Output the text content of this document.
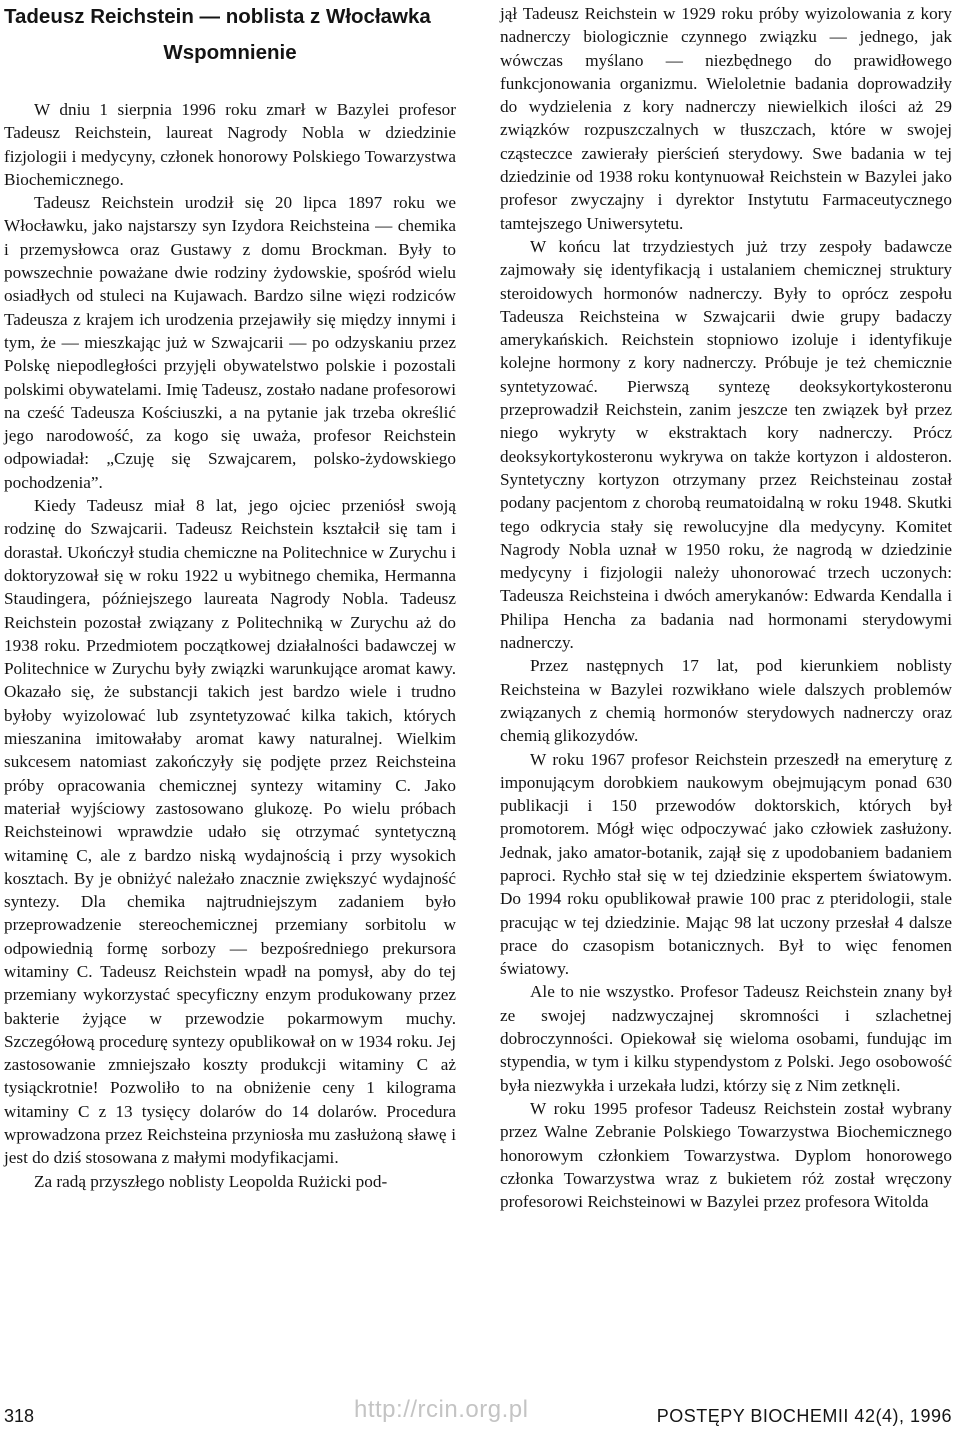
Tadeusz Reichstein — noblista z Włocławka
Wspomnienie

W dniu 1 sierpnia 1996 roku zmarł w Bazylei profesor Tadeusz Reichstein, laureat Nagrody Nobla w dziedzinie fizjologii i medycyny, członek honorowy Polskiego Towarzystwa Biochemicznego.

Tadeusz Reichstein urodził się 20 lipca 1897 roku we Włocławku, jako najstarszy syn Izydora Reichsteina — chemika i przemysłowca oraz Gustawy z domu Brockman. Były to powszechnie poważane dwie rodziny żydowskie, spośród wielu osiadłych od stuleci na Kujawach. Bardzo silne więzi rodziców Tadeusza z krajem ich urodzenia przejawiły się między innymi i tym, że — mieszkając już w Szwajcarii — po odzyskaniu przez Polskę niepodległości przyjęli obywatelstwo polskie i pozostali polskimi obywatelami. Imię Tadeusz, zostało nadane profesorowi na cześć Tadeusza Kościuszki, a na pytanie jak trzeba określić jego narodowość, za kogo się uważa, profesor Reichstein odpowiadał: „Czuję się Szwajcarem, polsko-żydowskiego pochodzenia”.

Kiedy Tadeusz miał 8 lat, jego ojciec przeniósł swoją rodzinę do Szwajcarii. Tadeusz Reichstein kształcił się tam i dorastał. Ukończył studia chemiczne na Politechnice w Zurychu i doktoryzował się w roku 1922 u wybitnego chemika, Hermanna Staudingera, późniejszego laureata Nagrody Nobla. Tadeusz Reichstein pozostał związany z Politechniką w Zurychu aż do 1938 roku. Przedmiotem początkowej działalności badawczej w Politechnice w Zurychu były związki warunkujące aromat kawy. Okazało się, że substancji takich jest bardzo wiele i trudno byłoby wyizolować lub zsyntetyzować kilka takich, których mieszanina imitowałaby aromat kawy naturalnej. Wielkim sukcesem natomiast zakończyły się podjęte przez Reichsteina próby opracowania chemicznej syntezy witaminy C. Jako materiał wyjściowy zastosowano glukozę. Po wielu próbach Reichsteinowi wprawdzie udało się otrzymać syntetyczną witaminę C, ale z bardzo niską wydajnością i przy wysokich kosztach. By je obniżyć należało znacznie zwiększyć wydajność syntezy. Dla chemika najtrudniejszym zadaniem było przeprowadzenie stereochemicznej przemiany sorbitolu w odpowiednią formę sorbozy — bezpośredniego prekursora witaminy C. Tadeusz Reichstein wpadł na pomysł, aby do tej przemiany wykorzystać specyficzny enzym produkowany przez bakterie żyjące w przewodzie pokarmowym muchy. Szczegółową procedurę syntezy opublikował on w 1934 roku. Jej zastosowanie zmniejszało koszty produkcji witaminy C aż tysiąckrotnie! Pozwoliło to na obniżenie ceny 1 kilograma witaminy C z 13 tysięcy dolarów do 14 dolarów. Procedura wprowadzona przez Reichsteina przyniosła mu zasłużoną sławę i jest do dziś stosowana z małymi modyfikacjami.

Za radą przyszłego noblisty Leopolda Rużicki pod-

jął Tadeusz Reichstein w 1929 roku próby wyizolowania z kory nadnerczy biologicznie czynnego związku — jednego, jak wówczas myślano — niezbędnego do prawidłowego funkcjonowania organizmu. Wieloletnie badania doprowadziły do wydzielenia z kory nadnerczy niewielkich ilości aż 29 związków rozpuszczalnych w tłuszczach, które w swojej cząsteczce zawierały pierścień sterydowy. Swe badania w tej dziedzinie od 1938 roku kontynuował Reichstein w Bazylei jako profesor zwyczajny i dyrektor Instytutu Farmaceutycznego tamtejszego Uniwersytetu.

W końcu lat trzydziestych już trzy zespoły badawcze zajmowały się identyfikacją i ustalaniem chemicznej struktury steroidowych hormonów nadnerczy. Były to oprócz zespołu Tadeusza Reichsteina w Szwajcarii dwie grupy badaczy amerykańskich. Reichstein stopniowo izoluje i identyfikuje kolejne hormony z kory nadnerczy. Próbuje je też chemicznie syntetyzować. Pierwszą syntezę deoksykortykosteronu przeprowadził Reichstein, zanim jeszcze ten związek był przez niego wykryty w ekstraktach kory nadnerczy. Prócz deoksykortykosteronu wykrywa on także kortyzon i aldosteron. Syntetyczny kortyzon otrzymany przez Reichsteinau został podany pacjentom z chorobą reumatoidalną w roku 1948. Skutki tego odkrycia stały się rewolucyjne dla medycyny. Komitet Nagrody Nobla uznał w 1950 roku, że nagrodą w dziedzinie medycyny i fizjologii należy uhonorować trzech uczonych: Tadeusza Reichsteina i dwóch amerykanów: Edwarda Kendalla i Philipa Hencha za badania nad hormonami sterydowymi nadnerczy.

Przez następnych 17 lat, pod kierunkiem noblisty Reichsteina w Bazylei rozwikłano wiele dalszych problemów związanych z chemią hormonów sterydowych nadnerczy oraz chemią glikozydów.

W roku 1967 profesor Reichstein przeszedł na emeryturę z imponującym dorobkiem naukowym obejmującym ponad 630 publikacji i 150 przewodów doktorskich, których był promotorem. Mógł więc odpoczywać jako człowiek zasłużony. Jednak, jako amator-botanik, zajął się z upodobaniem badaniem paproci. Rychło stał się w tej dziedzinie ekspertem światowym. Do 1994 roku opublikował prawie 100 prac z pteridologii, stale pracując w tej dziedzinie. Mając 98 lat uczony przesłał 4 dalsze prace do czasopism botanicznych. Był to więc fenomen światowy.

Ale to nie wszystko. Profesor Tadeusz Reichstein znany był ze swojej nadzwyczajnej skromności i szlachetnej dobroczynności. Opiekował się wieloma osobami, fundując im stypendia, w tym i kilku stypendystom z Polski. Jego osobowość była niezwykła i urzekała ludzi, którzy się z Nim zetknęli.

W roku 1995 profesor Tadeusz Reichstein został wybrany przez Walne Zebranie Polskiego Towarzystwa Biochemicznego honorowym członkiem Towarzystwa. Dyplom honorowego członka Towarzystwa wraz z bukietem róż został wręczony profesorowi Reichsteinowi w Bazylei przez profesora Witolda

318	http://rcin.org.pl	POSTĘPY BIOCHEMII 42(4), 1996
